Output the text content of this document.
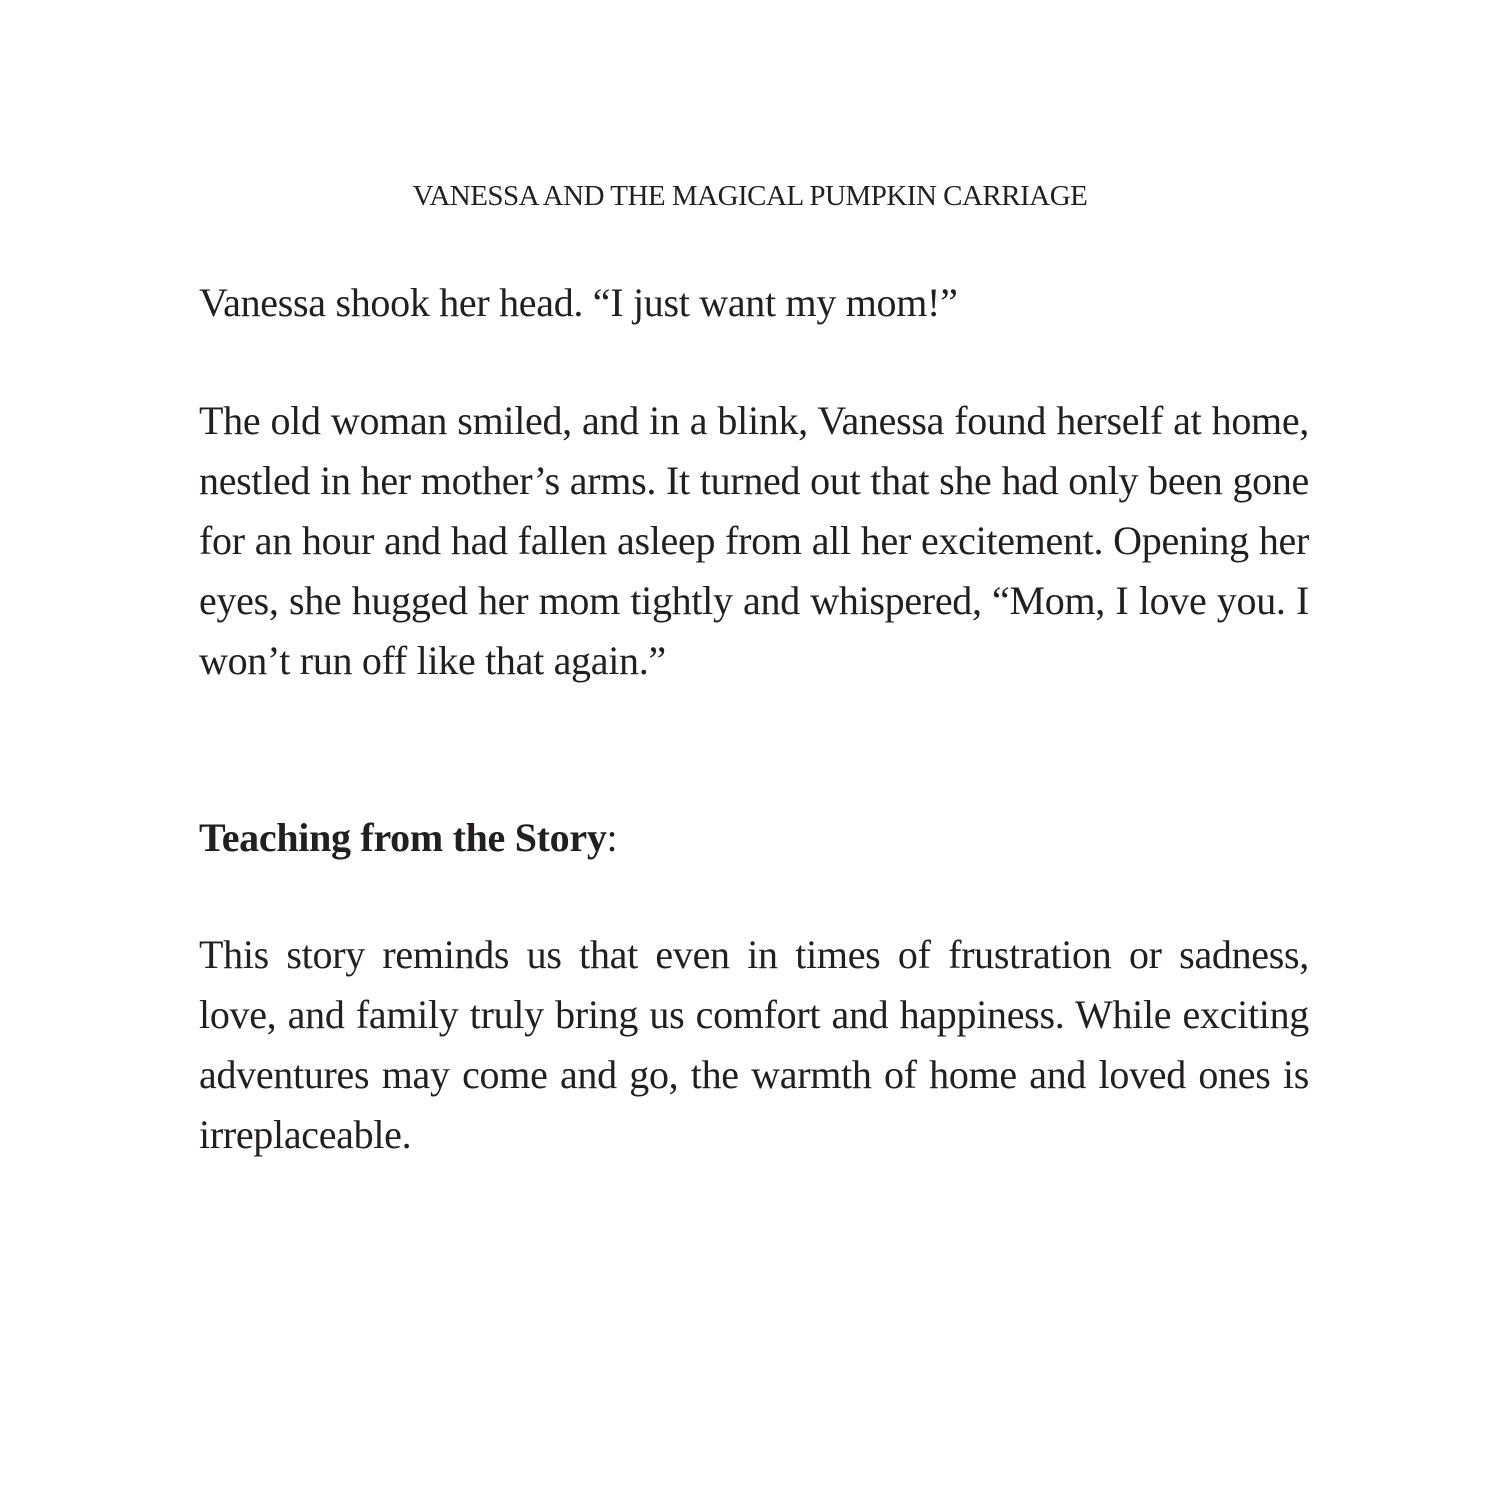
VANESSA AND THE MAGICAL PUMPKIN CARRIAGE

Vanessa shook her head. “I just want my mom!”

The old woman smiled, and in a blink, Vanessa found herself at home, nestled in her mother’s arms. It turned out that she had only been gone for an hour and had fallen asleep from all her excitement. Opening her eyes, she hugged her mom tightly and whispered, “Mom, I love you. I won’t run off like that again.”

Teaching from the Story:

This story reminds us that even in times of frustration or sadness, love, and family truly bring us comfort and happiness. While exciting adventures may come and go, the warmth of home and loved ones is irreplaceable.
